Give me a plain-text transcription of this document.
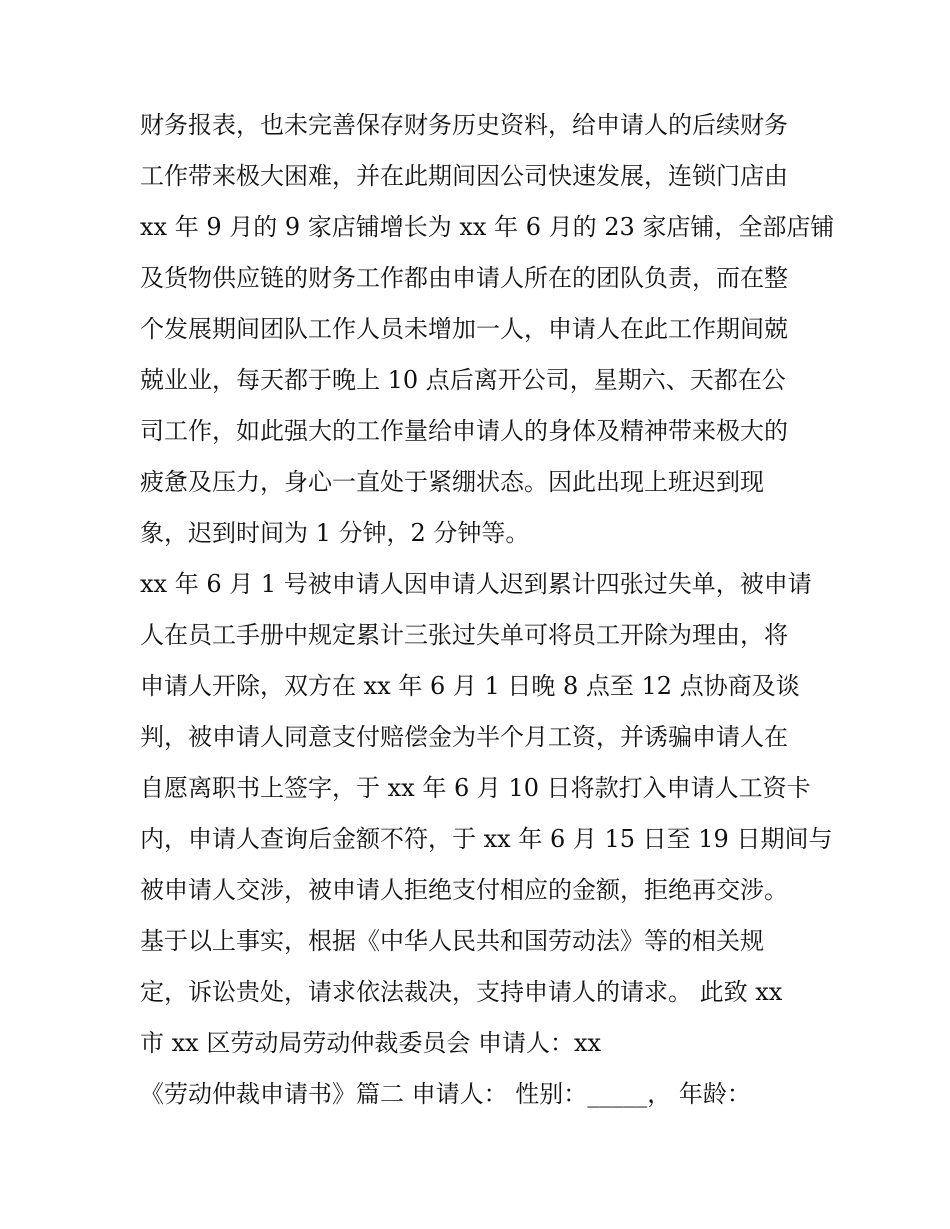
财务报表，也未完善保存财务历史资料，给申请人的后续财务
工作带来极大困难，并在此期间因公司快速发展，连锁门店由
xx 年 9 月的 9 家店铺增长为 xx 年 6 月的 23 家店铺，全部店铺
及货物供应链的财务工作都由申请人所在的团队负责，而在整
个发展期间团队工作人员未增加一人，申请人在此工作期间兢
兢业业，每天都于晚上 10 点后离开公司，星期六、天都在公
司工作，如此强大的工作量给申请人的身体及精神带来极大的
疲惫及压力，身心一直处于紧绷状态。因此出现上班迟到现
象，迟到时间为 1 分钟，2 分钟等。
xx 年 6 月 1 号被申请人因申请人迟到累计四张过失单，被申请
人在员工手册中规定累计三张过失单可将员工开除为理由，将
申请人开除，双方在 xx 年 6 月 1 日晚 8 点至 12 点协商及谈
判，被申请人同意支付赔偿金为半个月工资，并诱骗申请人在
自愿离职书上签字，于 xx 年 6 月 10 日将款打入申请人工资卡
内，申请人查询后金额不符，于 xx 年 6 月 15 日至 19 日期间与
被申请人交涉，被申请人拒绝支付相应的金额，拒绝再交涉。
基于以上事实，根据《中华人民共和国劳动法》等的相关规
定，诉讼贵处，请求依法裁决，支持申请人的请求。 此致 xx
市 xx 区劳动局劳动仲裁委员会 申请人：xx
《劳动仲裁申请书》篇二 申请人： 性别：_____， 年龄：
